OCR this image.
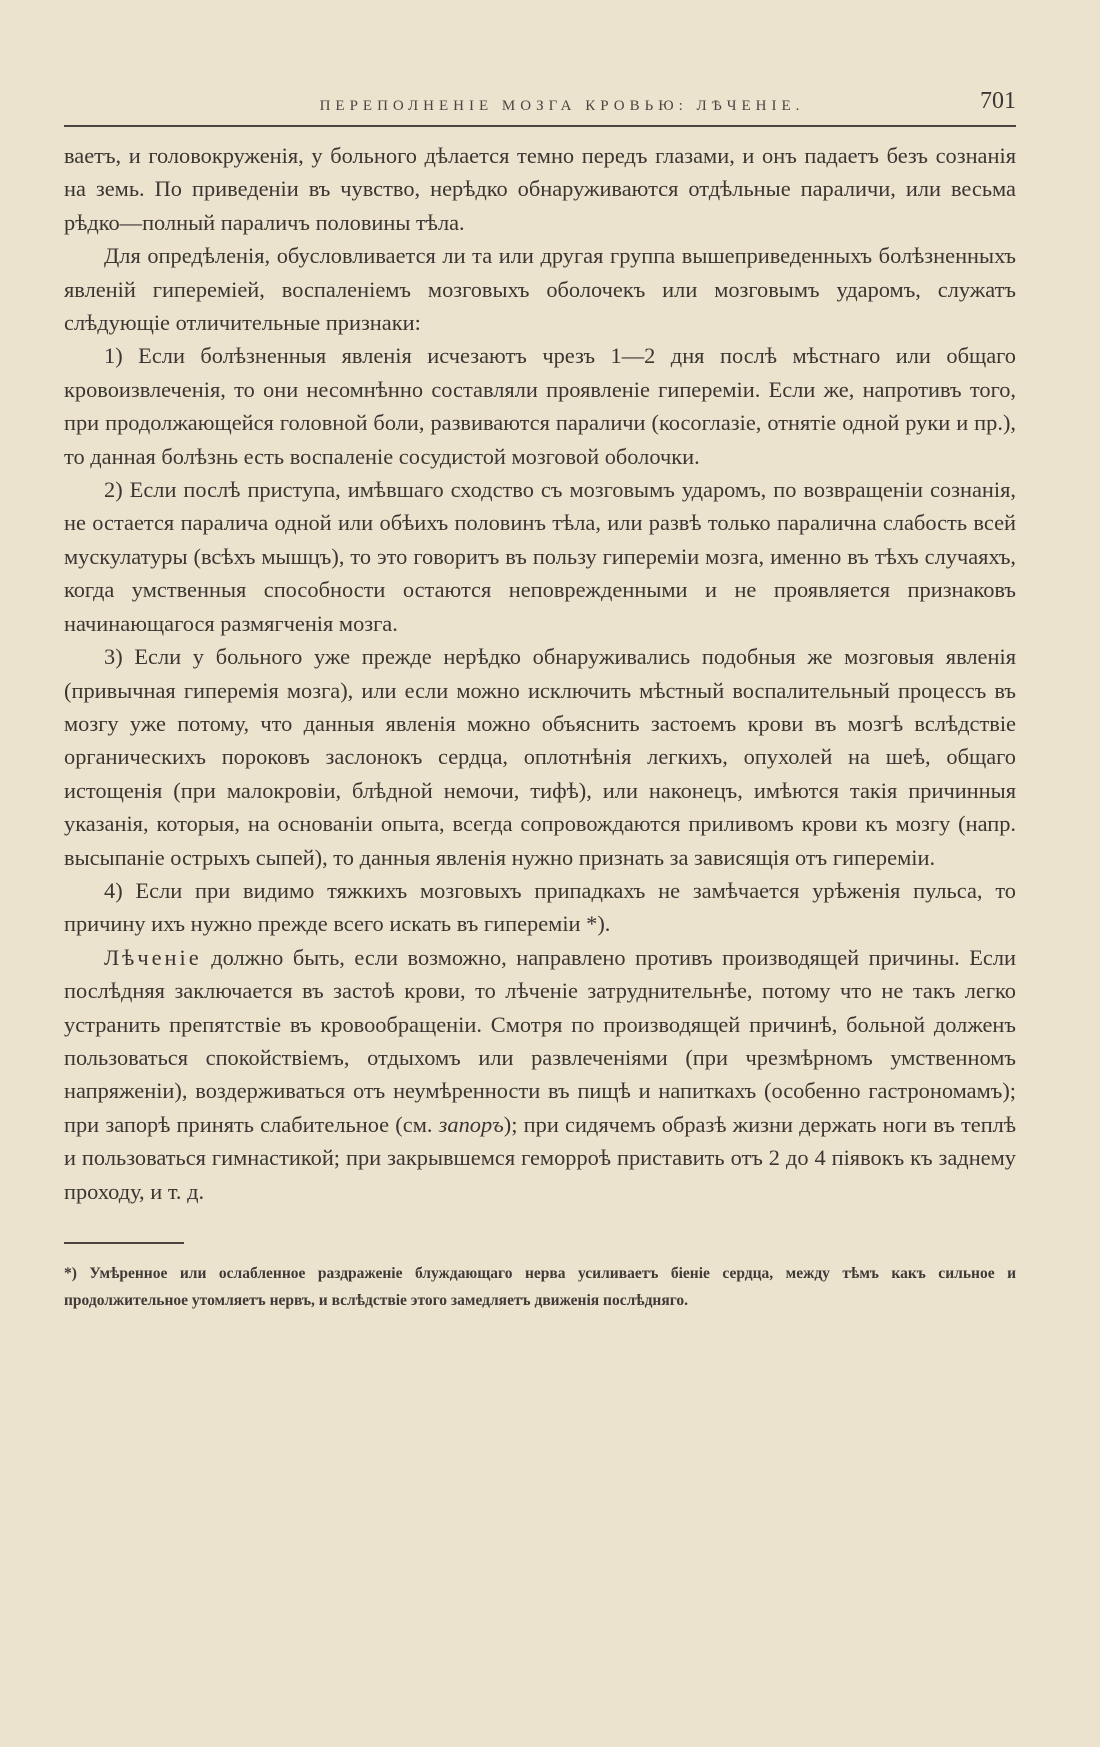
ПЕРЕПОЛНЕНІЕ МОЗГА КРОВЬЮ: ЛѢЧЕНІЕ.	701

ваетъ, и головокруженія, у больного дѣлается темно передъ глазами, и онъ падаетъ безъ сознанія на земь. По приведеніи въ чувство, нерѣдко обнаруживаются отдѣльные параличи, или весьма рѣдко—полный параличъ половины тѣла.

Для опредѣленія, обусловливается ли та или другая группа вышеприведенныхъ болѣзненныхъ явленій гипереміей, воспаленіемъ мозговыхъ оболочекъ или мозговымъ ударомъ, служатъ слѣдующіе отличительные признаки:

1) Если болѣзненныя явленія исчезаютъ чрезъ 1—2 дня послѣ мѣстнаго или общаго кровоизвлеченія, то они несомнѣнно составляли проявленіе гипереміи. Если же, напротивъ того, при продолжающейся головной боли, развиваются параличи (косоглазіе, отнятіе одной руки и пр.), то данная болѣзнь есть воспаленіе сосудистой мозговой оболочки.

2) Если послѣ приступа, имѣвшаго сходство съ мозговымъ ударомъ, по возвращеніи сознанія, не остается паралича одной или обѣихъ половинъ тѣла, или развѣ только паралична слабость всей мускулатуры (всѣхъ мышцъ), то это говоритъ въ пользу гипереміи мозга, именно въ тѣхъ случаяхъ, когда умственныя способности остаются неповрежденными и не проявляется признаковъ начинающагося размягченія мозга.

3) Если у больного уже прежде нерѣдко обнаруживались подобныя же мозговыя явленія (привычная гиперемія мозга), или если можно исключить мѣстный воспалительный процессъ въ мозгу уже потому, что данныя явленія можно объяснить застоемъ крови въ мозгѣ вслѣдствіе органическихъ пороковъ заслонокъ сердца, оплотнѣнія легкихъ, опухолей на шеѣ, общаго истощенія (при малокровіи, блѣдной немочи, тифѣ), или наконецъ, имѣются такія причинныя указанія, которыя, на основаніи опыта, всегда сопровождаются приливомъ крови къ мозгу (напр. высыпаніе острыхъ сыпей), то данныя явленія нужно признать за зависящія отъ гипереміи.

4) Если при видимо тяжкихъ мозговыхъ припадкахъ не замѣчается урѣженія пульса, то причину ихъ нужно прежде всего искать въ гипереміи *).

Лѣченіе должно быть, если возможно, направлено противъ производящей причины. Если послѣдняя заключается въ застоѣ крови, то лѣченіе затруднительнѣе, потому что не такъ легко устранить препятствіе въ кровообращеніи. Смотря по производящей причинѣ, больной долженъ пользоваться спокойствіемъ, отдыхомъ или развлеченіями (при чрезмѣрномъ умственномъ напряженіи), воздерживаться отъ неумѣренности въ пищѣ и напиткахъ (особенно гастрономамъ); при запорѣ принять слабительное (см. запоръ); при сидячемъ образѣ жизни держать ноги въ теплѣ и пользоваться гимнастикой; при закрывшемся геморроѣ приставить отъ 2 до 4 піявокъ къ заднему проходу, и т. д.

*) Умѣренное или ослабленное раздраженіе блуждающаго нерва усиливаетъ біеніе сердца, между тѣмъ какъ сильное и продолжительное утомляетъ нервъ, и вслѣдствіе этого замедляетъ движенія послѣдняго.
